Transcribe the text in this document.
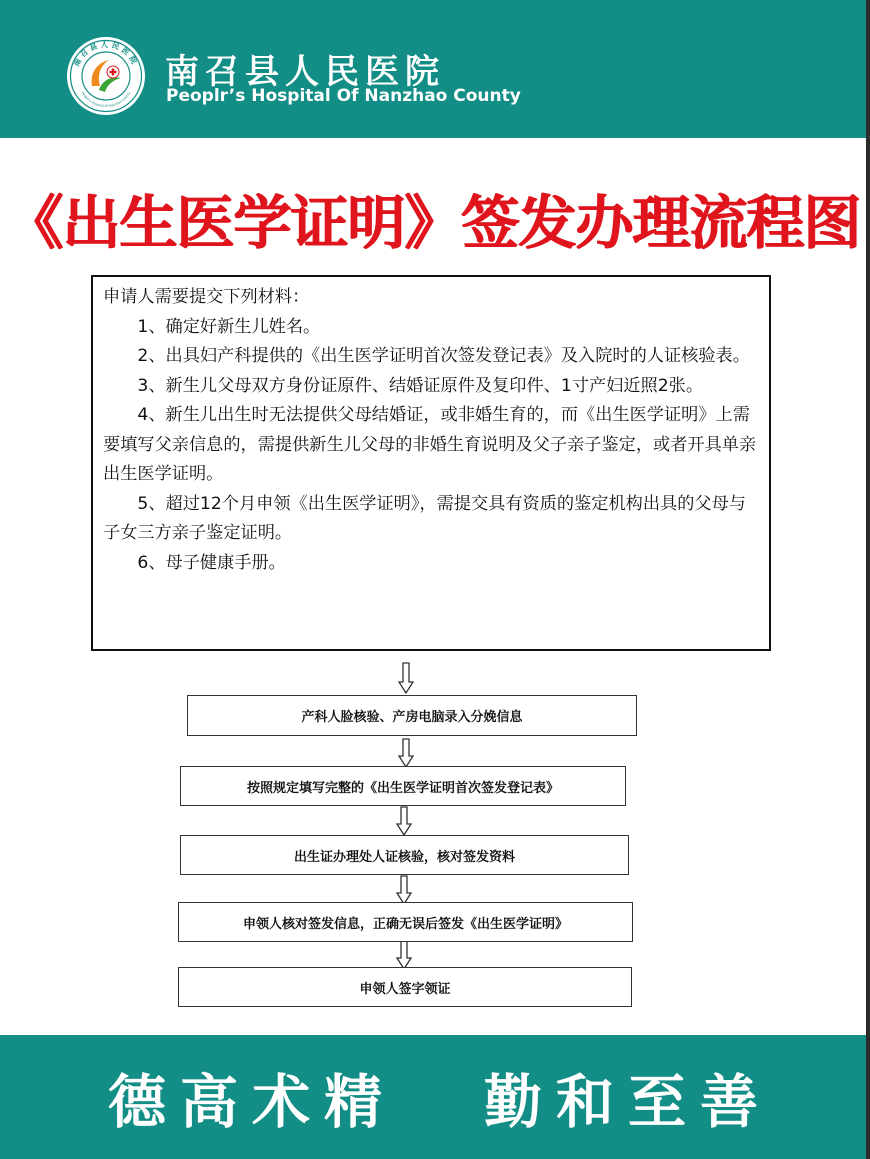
南召县人民医院
People's Hospital Of Nanzhao County
南召县人民医院
Peoplr’s Hospital Of Nanzhao County
《出生医学证明》签发办理流程图

申请人需要提交下列材料：

1、确定好新生儿姓名。

2、出具妇产科提供的《出生医学证明首次签发登记表》及入院时的人证核验表。

3、新生儿父母双方身份证原件、结婚证原件及复印件、1寸产妇近照2张。

4、新生儿出生时无法提供父母结婚证，或非婚生育的，而《出生医学证明》上需要填写父亲信息的，需提供新生儿父母的非婚生育说明及父子亲子鉴定，或者开具单亲出生医学证明。

5、超过12个月申领《出生医学证明》，需提交具有资质的鉴定机构出具的父母与子女三方亲子鉴定证明。

6、母子健康手册。

产科人脸核验、产房电脑录入分娩信息
按照规定填写完整的《出生医学证明首次签发登记表》
出生证办理处人证核验，核对签发资料
申领人核对签发信息，正确无误后签发《出生医学证明》
申领人签字领证
德高术精 勤和至善
